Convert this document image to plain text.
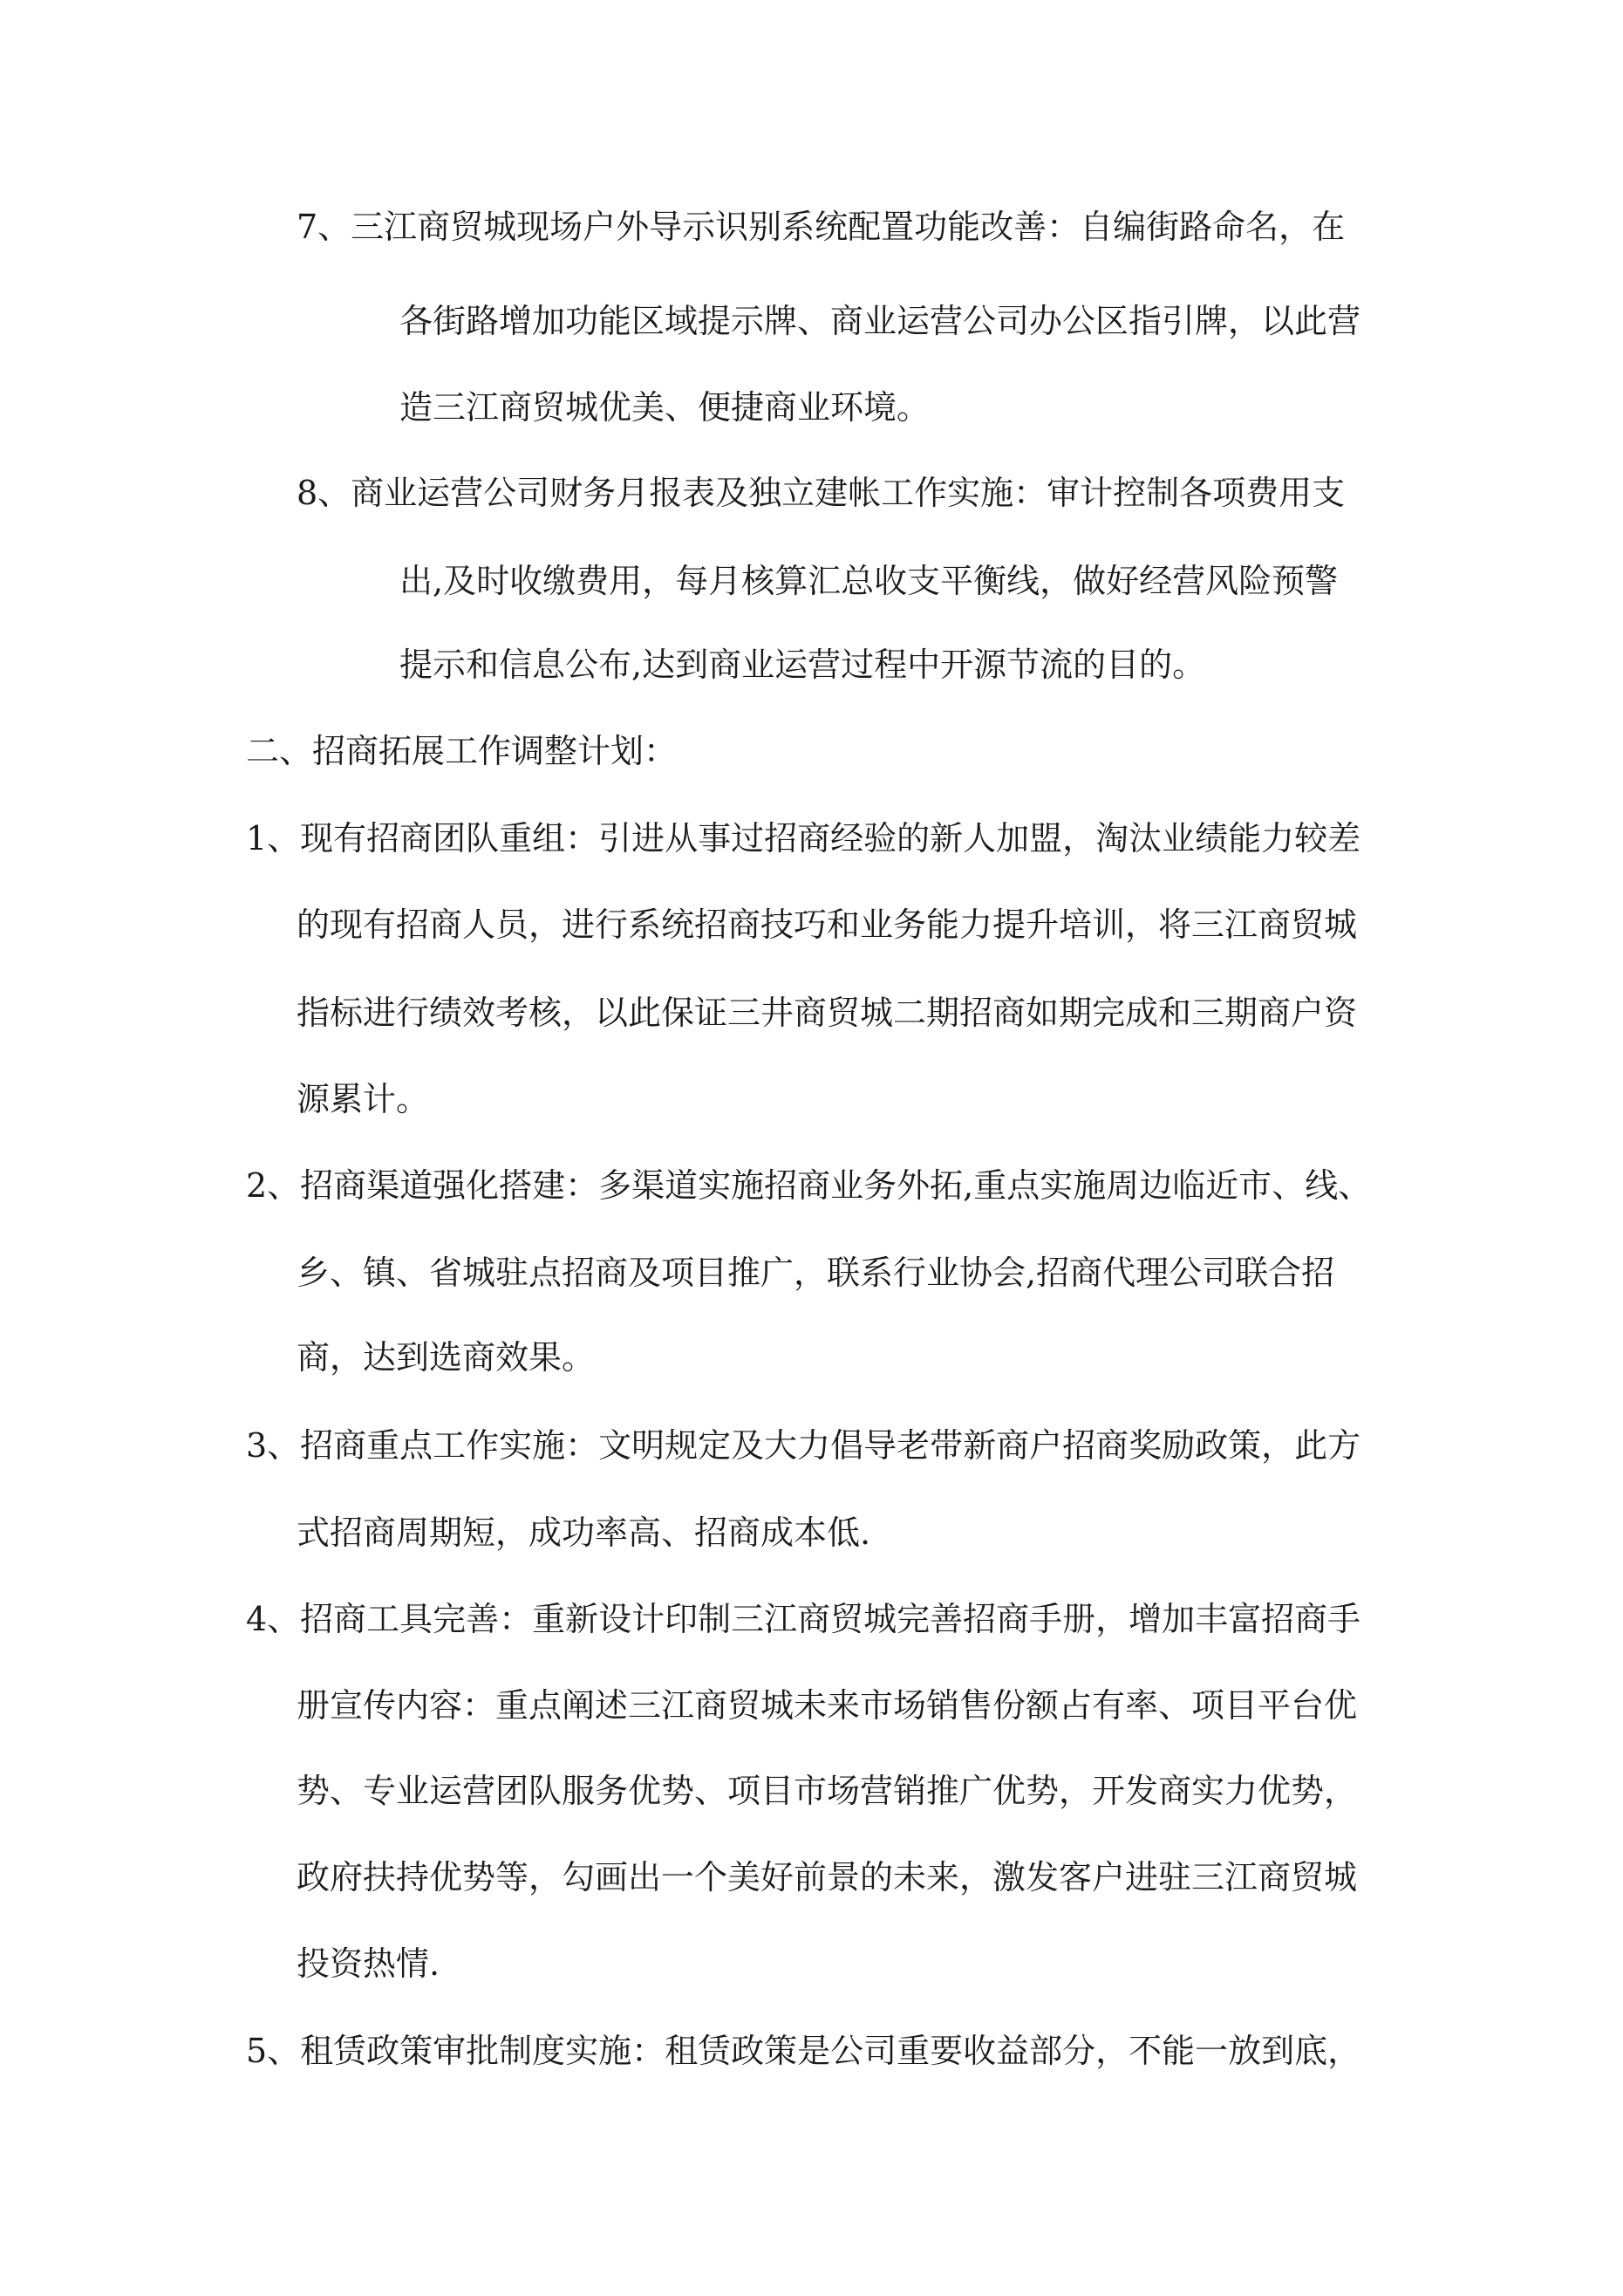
7、三江商贸城现场户外导示识别系统配置功能改善：自编街路命名，在
各街路增加功能区域提示牌、商业运营公司办公区指引牌，以此营
造三江商贸城优美、便捷商业环境。
8、商业运营公司财务月报表及独立建帐工作实施：审计控制各项费用支
出,及时收缴费用，每月核算汇总收支平衡线，做好经营风险预警
提示和信息公布,达到商业运营过程中开源节流的目的。
二、招商拓展工作调整计划：
1、现有招商团队重组：引进从事过招商经验的新人加盟，淘汰业绩能力较差
的现有招商人员，进行系统招商技巧和业务能力提升培训，将三江商贸城
指标进行绩效考核，以此保证三井商贸城二期招商如期完成和三期商户资
源累计。
2、招商渠道强化搭建：多渠道实施招商业务外拓,重点实施周边临近市、线、
乡、镇、省城驻点招商及项目推广，联系行业协会,招商代理公司联合招
商，达到选商效果。
3、招商重点工作实施：文明规定及大力倡导老带新商户招商奖励政策，此方
式招商周期短，成功率高、招商成本低.
4、招商工具完善：重新设计印制三江商贸城完善招商手册，增加丰富招商手
册宣传内容：重点阐述三江商贸城未来市场销售份额占有率、项目平台优
势、专业运营团队服务优势、项目市场营销推广优势，开发商实力优势，
政府扶持优势等，勾画出一个美好前景的未来，激发客户进驻三江商贸城
投资热情.
5、租赁政策审批制度实施：租赁政策是公司重要收益部分，不能一放到底，
